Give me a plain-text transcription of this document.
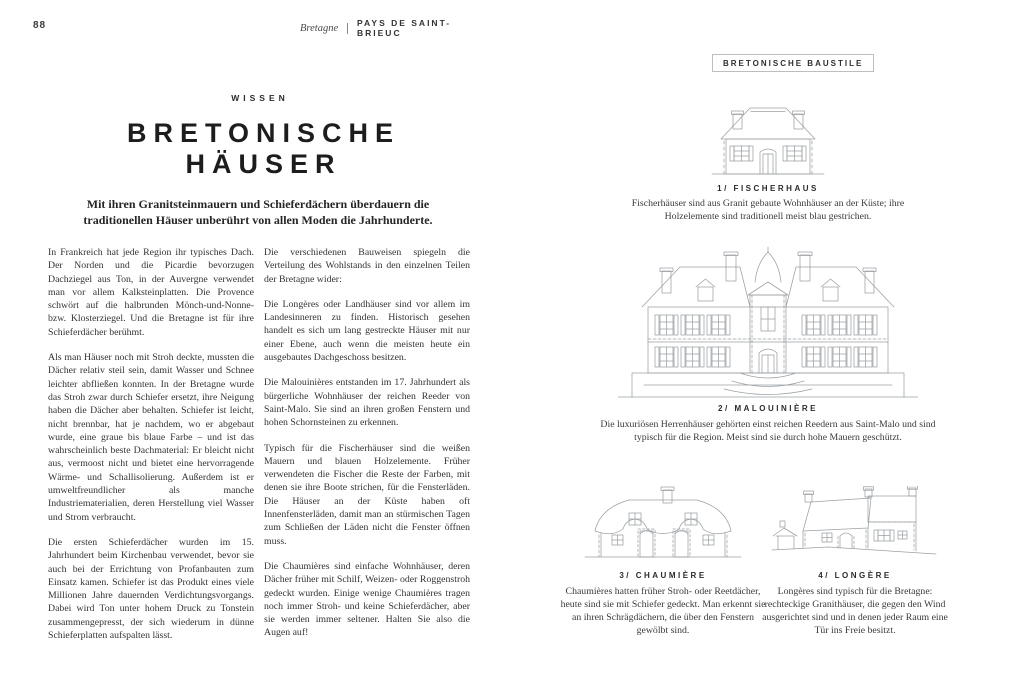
88	Bretagne PAYS DE SAINT-BRIEUC
WISSEN
BRETONISCHE
HÄUSER

Mit ihren Granitsteinmauern und Schieferdächern überdauern die traditionellen Häuser unberührt von allen Moden die Jahrhunderte.

In Frankreich hat jede Region ihr typisches Dach. Der Norden und die Picardie bevorzugen Dachziegel aus Ton, in der Auvergne verwendet man vor allem Kalksteinplatten. Die Provence schwört auf die halbrunden Mönch-und-Nonne- bzw. Klosterziegel. Und die Bretagne ist für ihre Schieferdächer berühmt.

Als man Häuser noch mit Stroh deckte, mussten die Dächer relativ steil sein, damit Wasser und Schnee leichter abfließen konnten. In der Bretagne wurde das Stroh zwar durch Schiefer ersetzt, ihre Neigung haben die Dächer aber behalten. Schiefer ist leicht, nicht brennbar, hat je nachdem, wo er abgebaut wurde, eine graue bis blaue Farbe – und ist das wahrscheinlich beste Dachmaterial: Er bleicht nicht aus, vermoost nicht und bietet eine hervorragende Wärme- und Schallisolierung. Außerdem ist er umweltfreundlicher als manche Industriematerialien, deren Herstellung viel Wasser und Strom verbraucht.

Die ersten Schieferdächer wurden im 15. Jahrhundert beim Kirchenbau verwendet, bevor sie auch bei der Errichtung von Profanbauten zum Einsatz kamen. Schiefer ist das Produkt eines viele Millionen Jahre dauernden Verdichtungsvorgangs. Dabei wird Ton unter hohem Druck zu Tonstein zusammengepresst, der sich wiederum in dünne Schieferplatten aufspalten lässt.

Die verschiedenen Bauweisen spiegeln die Verteilung des Wohlstands in den einzelnen Teilen der Bretagne wider:

Die Longères oder Landhäuser sind vor allem im Landesinneren zu finden. Historisch gesehen handelt es sich um lang gestreckte Häuser mit nur einer Ebene, auch wenn die meisten heute ein ausgebautes Dachgeschoss besitzen.

Die Malouinières entstanden im 17. Jahrhundert als bürgerliche Wohnhäuser der reichen Reeder von Saint-Malo. Sie sind an ihren großen Fenstern und hohen Schornsteinen zu erkennen.

Typisch für die Fischerhäuser sind die weißen Mauern und blauen Holzelemente. Früher verwendeten die Fischer die Reste der Farben, mit denen sie ihre Boote strichen, für die Fensterläden. Die Häuser an der Küste haben oft Innenfensterläden, damit man an stürmischen Tagen zum Schließen der Läden nicht die Fenster öffnen muss.

Die Chaumières sind einfache Wohnhäuser, deren Dächer früher mit Schilf, Weizen- oder Roggenstroh gedeckt wurden. Einige wenige Chaumières tragen noch immer Stroh- und keine Schieferdächer, aber sie werden immer seltener. Halten Sie also die Augen auf!

BRETONISCHE BAUSTILE
1/ FISCHERHAUS

Fischerhäuser sind aus Granit gebaute Wohnhäuser an der Küste; ihre Holzelemente sind traditionell meist blau gestrichen.

2/ MALOUINIÈRE

Die luxuriösen Herrenhäuser gehörten einst reichen Reedern aus Saint-Malo und sind typisch für die Region. Meist sind sie durch hohe Mauern geschützt.

3/ CHAUMIÈRE

Chaumières hatten früher Stroh- oder Reetdächer, heute sind sie mit Schiefer gedeckt. Man erkennt sie an ihren Schrägdächern, die über den Fenstern gewölbt sind.

4/ LONGÈRE

Longères sind typisch für die Bretagne: rechteckige Granithäuser, die gegen den Wind ausgerichtet sind und in denen jeder Raum eine Tür ins Freie besitzt.
